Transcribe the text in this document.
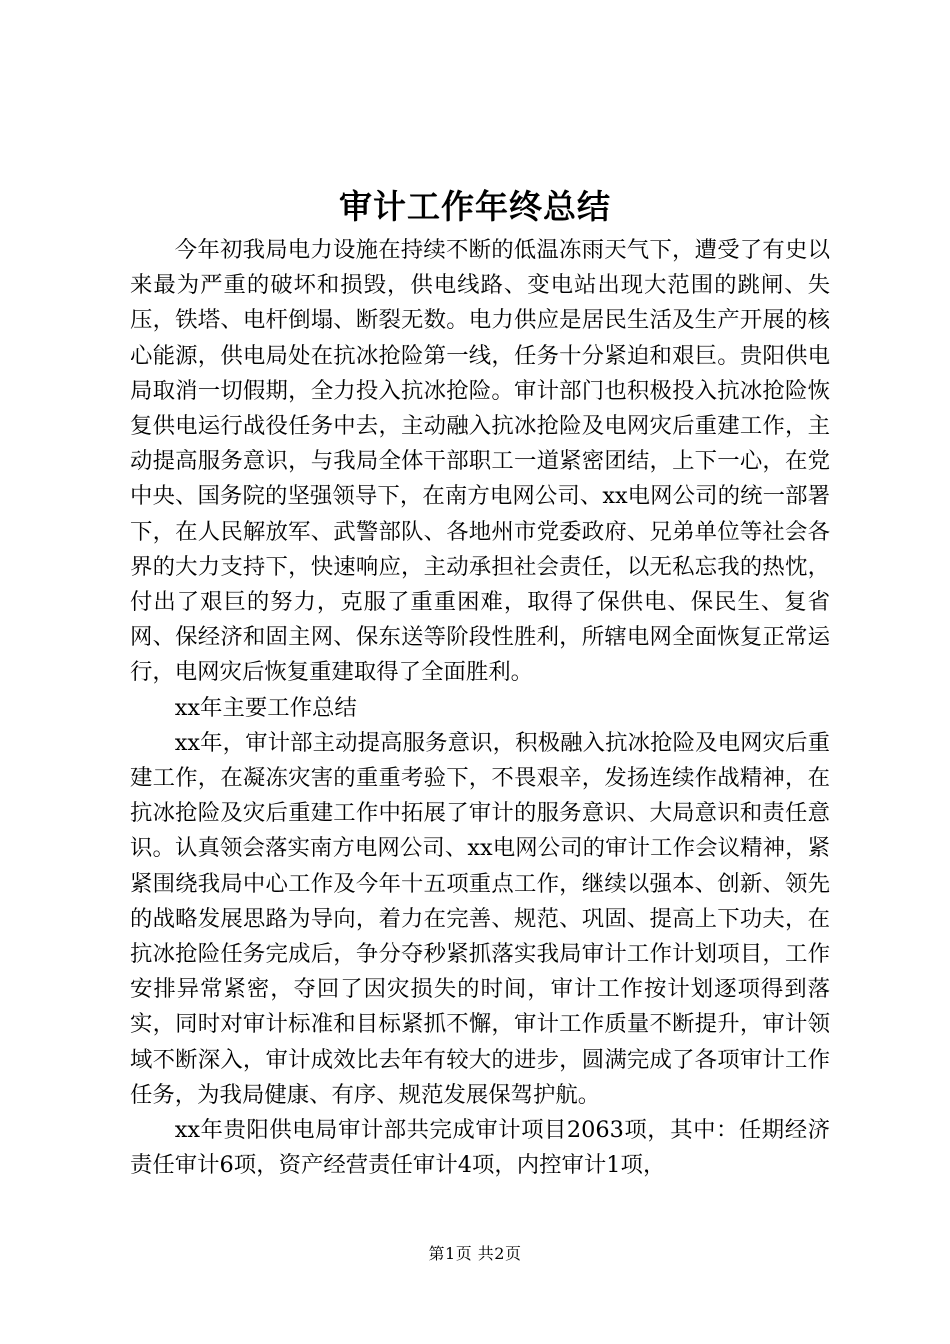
审计工作年终总结

今年初我局电力设施在持续不断的低温冻雨天气下，遭受了有史以来最为严重的破坏和损毁，供电线路、变电站出现大范围的跳闸、失压，铁塔、电杆倒塌、断裂无数。电力供应是居民生活及生产开展的核心能源，供电局处在抗冰抢险第一线，任务十分紧迫和艰巨。贵阳供电局取消一切假期，全力投入抗冰抢险。审计部门也积极投入抗冰抢险恢复供电运行战役任务中去，主动融入抗冰抢险及电网灾后重建工作，主动提高服务意识，与我局全体干部职工一道紧密团结，上下一心，在党中央、国务院的坚强领导下，在南方电网公司、xx电网公司的统一部署下，在人民解放军、武警部队、各地州市党委政府、兄弟单位等社会各界的大力支持下，快速响应，主动承担社会责任，以无私忘我的热忱，付出了艰巨的努力，克服了重重困难，取得了保供电、保民生、复省网、保经济和固主网、保东送等阶段性胜利，所辖电网全面恢复正常运行，电网灾后恢复重建取得了全面胜利。

xx年主要工作总结

xx年，审计部主动提高服务意识，积极融入抗冰抢险及电网灾后重建工作，在凝冻灾害的重重考验下，不畏艰辛，发扬连续作战精神，在抗冰抢险及灾后重建工作中拓展了审计的服务意识、大局意识和责任意识。认真领会落实南方电网公司、xx电网公司的审计工作会议精神，紧紧围绕我局中心工作及今年十五项重点工作，继续以强本、创新、领先的战略发展思路为导向，着力在完善、规范、巩固、提高上下功夫，在抗冰抢险任务完成后，争分夺秒紧抓落实我局审计工作计划项目，工作安排异常紧密，夺回了因灾损失的时间，审计工作按计划逐项得到落实，同时对审计标准和目标紧抓不懈，审计工作质量不断提升，审计领域不断深入，审计成效比去年有较大的进步，圆满完成了各项审计工作任务，为我局健康、有序、规范发展保驾护航。

xx年贵阳供电局审计部共完成审计项目2063项，其中：任期经济责任审计6项，资产经营责任审计4项，内控审计1项，

第1页 共2页
